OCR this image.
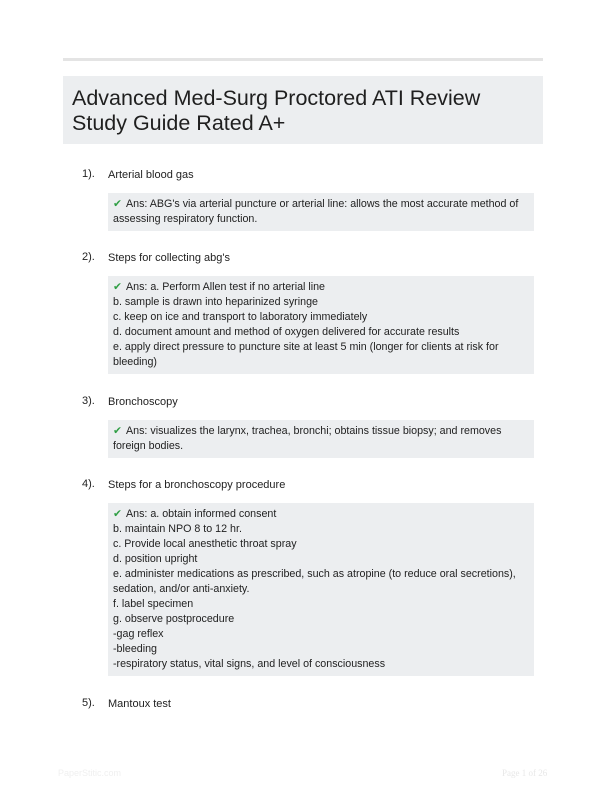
Advanced Med-Surg Proctored ATI Review Study Guide Rated A+
1). Arterial blood gas
✔ Ans: ABG's via arterial puncture or arterial line: allows the most accurate method of
assessing respiratory function.
2). Steps for collecting abg's
✔ Ans: a. Perform Allen test if no arterial line
b. sample is drawn into heparinized syringe
c. keep on ice and transport to laboratory immediately
d. document amount and method of oxygen delivered for accurate results
e. apply direct pressure to puncture site at least 5 min (longer for clients at risk for
bleeding)
3). Bronchoscopy
✔ Ans: visualizes the larynx, trachea, bronchi; obtains tissue biopsy; and removes
foreign bodies.
4). Steps for a bronchoscopy procedure
✔ Ans: a. obtain informed consent
b. maintain NPO 8 to 12 hr.
c. Provide local anesthetic throat spray
d. position upright
e. administer medications as prescribed, such as atropine (to reduce oral secretions),
sedation, and/or anti-anxiety.
f. label specimen
g. observe postprocedure
-gag reflex
-bleeding
-respiratory status, vital signs, and level of consciousness
5). Mantoux test
PaperStitic.com	Page 1 of 26
